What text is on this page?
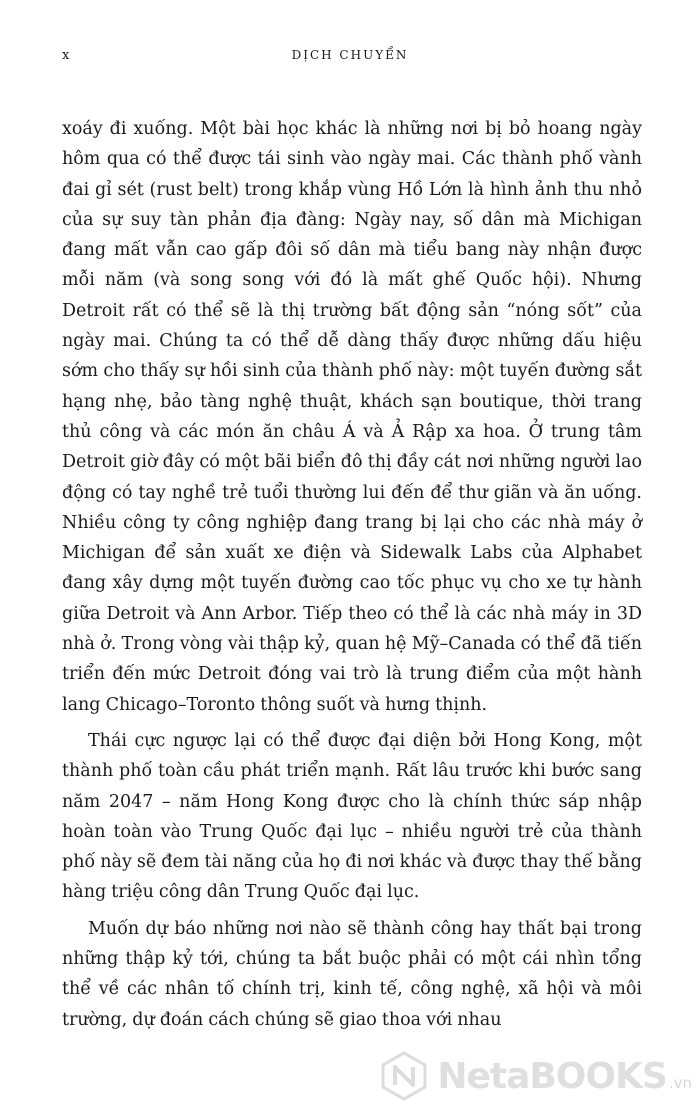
x	DỊCH CHUYỂN

xoáy đi xuống. Một bài học khác là những nơi bị bỏ hoang ngày hôm qua có thể được tái sinh vào ngày mai. Các thành phố vành đai gỉ sét (rust belt) trong khắp vùng Hồ Lớn là hình ảnh thu nhỏ của sự suy tàn phản địa đàng: Ngày nay, số dân mà Michigan đang mất vẫn cao gấp đôi số dân mà tiểu bang này nhận được mỗi năm (và song song với đó là mất ghế Quốc hội). Nhưng Detroit rất có thể sẽ là thị trường bất động sản “nóng sốt” của ngày mai. Chúng ta có thể dễ dàng thấy được những dấu hiệu sớm cho thấy sự hồi sinh của thành phố này: một tuyến đường sắt hạng nhẹ, bảo tàng nghệ thuật, khách sạn boutique, thời trang thủ công và các món ăn châu Á và Ả Rập xa hoa. Ở trung tâm Detroit giờ đây có một bãi biển đô thị đầy cát nơi những người lao động có tay nghề trẻ tuổi thường lui đến để thư giãn và ăn uống. Nhiều công ty công nghiệp đang trang bị lại cho các nhà máy ở Michigan để sản xuất xe điện và Sidewalk Labs của Alphabet đang xây dựng một tuyến đường cao tốc phục vụ cho xe tự hành giữa Detroit và Ann Arbor. Tiếp theo có thể là các nhà máy in 3D nhà ở. Trong vòng vài thập kỷ, quan hệ Mỹ–Canada có thể đã tiến triển đến mức Detroit đóng vai trò là trung điểm của một hành lang Chicago–Toronto thông suốt và hưng thịnh.

Thái cực ngược lại có thể được đại diện bởi Hong Kong, một thành phố toàn cầu phát triển mạnh. Rất lâu trước khi bước sang năm 2047 – năm Hong Kong được cho là chính thức sáp nhập hoàn toàn vào Trung Quốc đại lục – nhiều người trẻ của thành phố này sẽ đem tài năng của họ đi nơi khác và được thay thế bằng hàng triệu công dân Trung Quốc đại lục.

Muốn dự báo những nơi nào sẽ thành công hay thất bại trong những thập kỷ tới, chúng ta bắt buộc phải có một cái nhìn tổng thể về các nhân tố chính trị, kinh tế, công nghệ, xã hội và môi trường, dự đoán cách chúng sẽ giao thoa với nhau

NetaBOOKS .vn
